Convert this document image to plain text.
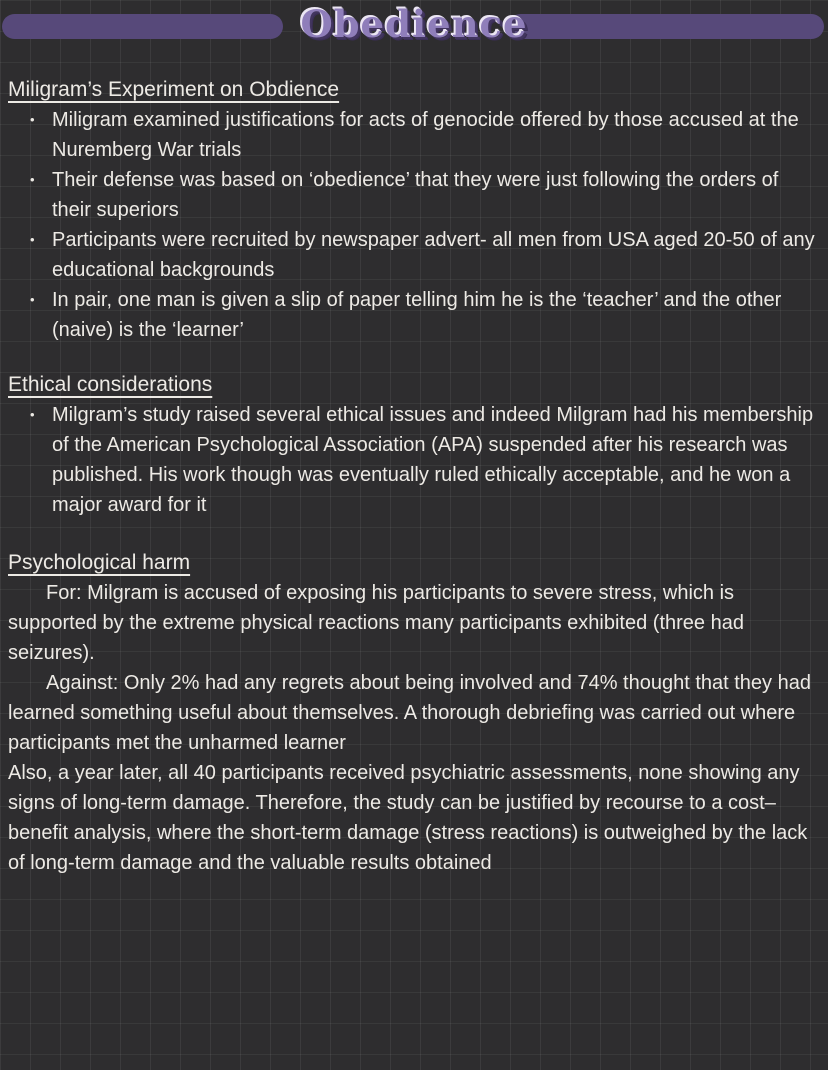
Obedience
Miligram’s Experiment on Obdience
• Miligram examined justifications for acts of genocide offered by those accused at the Nuremberg War trials
• Their defense was based on ‘obedience’ that they were just following the orders of their superiors
• Participants were recruited by newspaper advert- all men from USA aged 20-50 of any educational backgrounds
• In pair, one man is given a slip of paper telling him he is the ‘teacher’ and the other (naive) is the ‘learner’
Ethical considerations
• Milgram’s study raised several ethical issues and indeed Milgram had his membership of the American Psychological Association (APA) suspended after his research was published. His work though was eventually ruled ethically acceptable, and he won a major award for it
Psychological harm
For: Milgram is accused of exposing his participants to severe stress, which is supported by the extreme physical reactions many participants exhibited (three had seizures).
Against: Only 2% had any regrets about being involved and 74% thought that they had learned something useful about themselves. A thorough debriefing was carried out where participants met the unharmed learner
Also, a year later, all 40 participants received psychiatric assessments, none showing any signs of long-term damage. Therefore, the study can be justified by recourse to a cost–benefit analysis, where the short-term damage (stress reactions) is outweighed by the lack of long-term damage and the valuable results obtained
